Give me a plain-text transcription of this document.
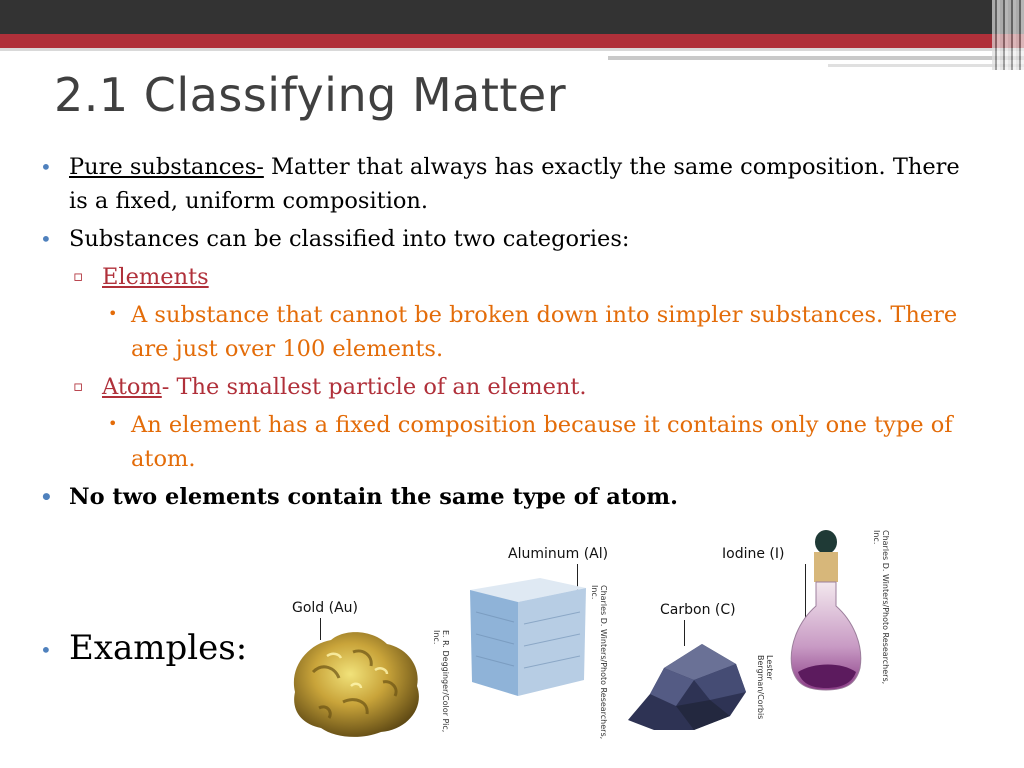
2.1 Classifying Matter
• Pure substances- Matter that always has exactly the same composition. There is a fixed, uniform composition.
• Substances can be classified into two categories:
▫ Elements
• A substance that cannot be broken down into simpler substances. There are just over 100 elements.
▫ Atom- The smallest particle of an element.
• An element has a fixed composition because it contains only one type of atom.
• No two elements contain the same type of atom.
• Examples:
Gold (Au)
E. R. Degginger/Color Pic, Inc.
Aluminum (Al)
Charles D. Winters/Photo Researchers, Inc.
Carbon (C)
Lester Bergman/Corbis
Iodine (I)	Charles D. Winters/Photo Researchers, Inc.
